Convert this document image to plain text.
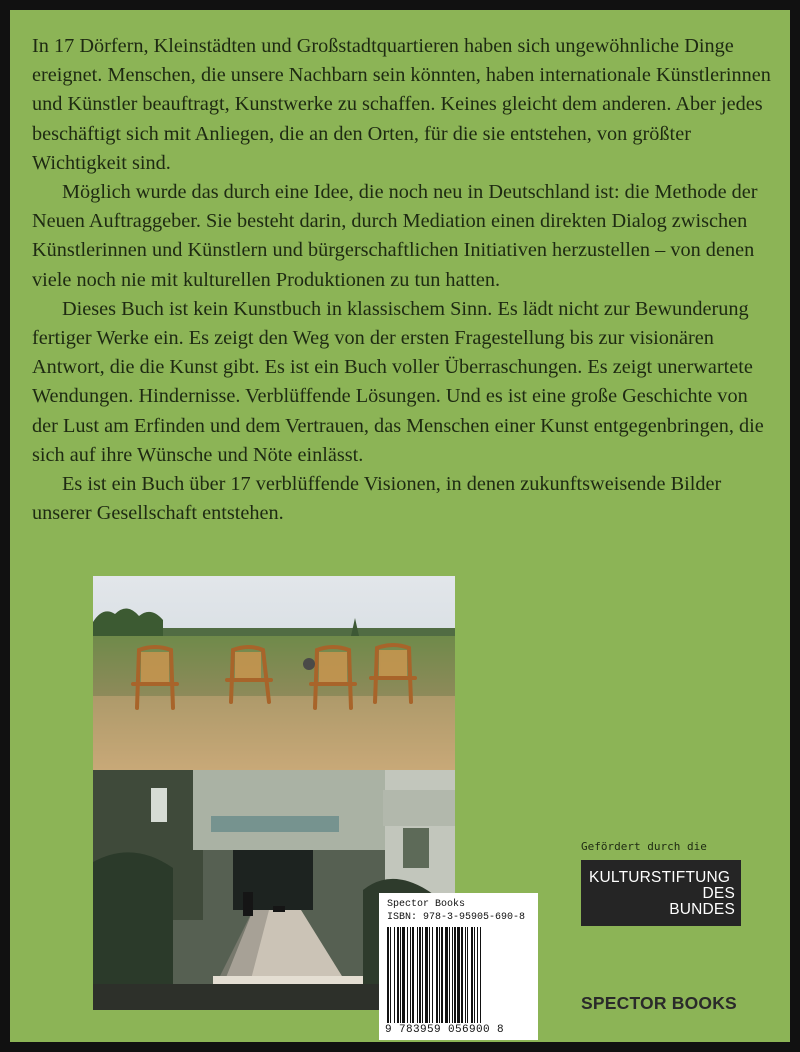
In 17 Dörfern, Kleinstädten und Großstadtquartieren haben sich ungewöhnliche Dinge ereignet. Menschen, die unsere Nachbarn sein könnten, haben internationale Künstlerinnen und Künstler beauftragt, Kunstwerke zu schaffen. Keines gleicht dem anderen. Aber jedes beschäftigt sich mit Anliegen, die an den Orten, für die sie entstehen, von größter Wichtigkeit sind.

Möglich wurde das durch eine Idee, die noch neu in Deutschland ist: die Methode der Neuen Auftraggeber. Sie besteht darin, durch Mediation einen direkten Dialog zwischen Künstlerinnen und Künstlern und bürgerschaftlichen Initiativen herzustellen – von denen viele noch nie mit kulturellen Produktionen zu tun hatten.

Dieses Buch ist kein Kunstbuch in klassischem Sinn. Es lädt nicht zur Bewunderung fertiger Werke ein. Es zeigt den Weg von der ersten Fragestellung bis zur visionären Antwort, die die Kunst gibt. Es ist ein Buch voller Überraschungen. Es zeigt unerwartete Wendungen. Hindernisse. Verblüffende Lösungen. Und es ist eine große Geschichte von der Lust am Erfinden und dem Vertrauen, das Menschen einer Kunst entgegenbringen, die sich auf ihre Wünsche und Nöte einlässt.

Es ist ein Buch über 17 verblüffende Visionen, in denen zukunftsweisende Bilder unserer Gesellschaft entstehen.

Spector Books
ISBN: 978-3-95905-690-8
9 783959 056900 8
Gefördert durch die
KULTURSTIFTUNG
DES
BUNDES
SPECTOR BOOKS
